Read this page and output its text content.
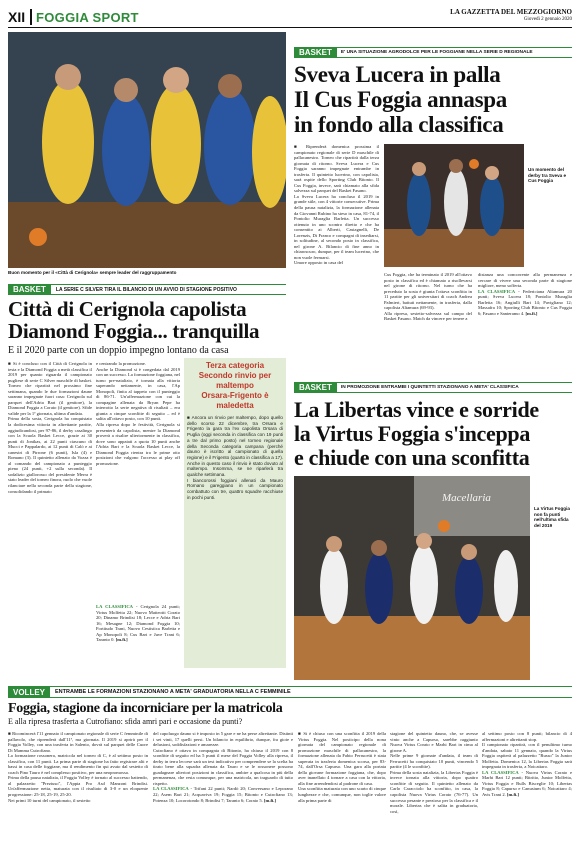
XII FOGGIA SPORT	LA GAZZETTA DEL MEZZOGIORNO
Giovedì 2 gennaio 2020
Buon momento per il «Città di Cerignola» sempre leader del raggruppamento
BASKET	LA SERIE C SILVER TIRA IL BILANCIO DI UN AVVIO DI STAGIONE POSITIVO
Città di Cerignola capolista
Diamond Foggia... tranquilla
E il 2020 parte con un doppio impegno lontano da casa
■ Si è concluso con il Città di Cerignola in testa e la Diamond Foggia a metà classifica il 2019 per quanto riguarda il campionato pugliese di serie C Silver maschile di basket. Torneo che ripartirà nel prossimo fine settimana, quando le due formazioni daune saranno impegnate fuori casa: Cerignola sul parquet dell'Adria Bari (il genitore), la Diamond Foggia a Corato (il genitore). Sfide valide per la 1ª giornata, ultima d'andata.
Prima della sosta, Cerignola ha conquistato la dodicesima vittoria in altrettante partite, aggiudicandosi, per 97-86, il derby casalingo con la Scuola Basket Lecce, grazie ai 30 punti di Jonikas, ai 22 punti ciascuno di Mucci e Pappalardo, ai 12 punti di Calò e ai canestri di Pirrone (6 punti), Isla (4) e Romano (3). Il quintetto allenato da Vozza è al comando del campionato a punteggio pieno (24 punti, +2 sulla seconda). Il sodalizio giallorosso del presidente Merra è stato leader del torneo finora, ruolo che vuole rilanciare nella seconda parte della stagione, consolidando il primato
e centrando la promozione.
Anche la Diamond si è congedata dal 2019 con un successo. La formazione foggiana, nel turno pre-natalizio, è tornata alla vittoria superando nettamente, in casa, l'Ap Monopoli, finita al tappeto con il punteggio di 86-71. Un'affermazione con cui la compagine allenata da Bryan Pepe ha interrotto la serie negativa di risultati – era giunta a cinque sconfitte di seguito – ed è salita all'ottavo posto, con 10 punti.
Alla ripresa dopo le festività, Cerignola si presenterà da capolista, mentre la Diamond proverà a risalire ulteriormente in classifica, dove sono appaiati a quota 10 punti anche l'Adria Bari e la Scuola Basket Lecce, la Diamond Foggia rientra tra le prime otto posizioni che valgono l'accesso ai play off promozione.
LA CLASSIFICA - Cerignola 24 punti; Virtus Molfetta 22; Nuovo Matteotti Corato 20; Dinamo Brindisi 18; Lecce e Adria Bari 16; Mesagne 12; Diamond Foggia 10; Fortitudo Trani, Nuovo Cestistica Barletta e Ap Monopoli 8; Cus Bari e Juve Trani 6; Taranto 0. [m.fi.]
Terza categoria
Secondo rinvio per maltempo
Orsara-Frigento è maledetta
■ Ancora un rinvio per maltempo, dopo quello dello scorso 22 dicembre, tra Orsara e Frigento la gara tra l'ex capolista Orsara di Puglia (oggi seconda in classifica con 19 punti a tre dal primo posto) nel torneo regionale della Seconda categoria campana (perché dauno è iscritto al campionato di quella regione) e il Frigento (quarto in classifica a 17). Anche in questo caso il rinvio è stato dovuto al maltempo. Insomma, se ne riparlerà tra qualche settimana.
I biancorossi foggiani allenati da Mauro Romano gareggiano in un campionato combattuto con tre, quattro squadre racchiuse in pochi punti.
BASKET	E' UNA SITUAZIONE AGRODOLCE PER LE FOGGIANE NELLA SERIE D REGIONALE
Sveva Lucera in palla
Il Cus Foggia annaspa
in fondo alla classifica
■ Riprenderà domenica prossima il campionato regionale di serie D maschile di pallacanestro. Torneo che ripartirà dalla terza giornata di ritorno. Sveva Lucera e Cus Foggia saranno impegnate entrambe in trasferta. Il quintetto lucerino, con capolista, sarà ospite dello Sporting Club Bitonto. Il Cus Foggia, invece, sarà chiamato alla sfida salvezza sul parquet del Basket Fasano.
La Sveva Lucera ha concluso il 2019 in grande stile, con 4 vittorie consecutive. Prima della pausa natalizia, la formazione allenata da Giovanni Rubino ha steso in casa, 81-74, il Pontolio Muraglia Barletta. Un successo ottenuto in uno scontro diretto e che ha consentito ai Alberti, Castagnelli, De Lorenzis, Di Franco e compagni di insediarsi, in solitudine, al secondo posto in classifica, nel girone A. Bilancio di fine anno in chiaroscuro, dunque, per il team lucerino, che non vuole fermarsi.
Umore opposto in casa del
Un momento del derby tra Sveva e Cus Foggia
Cus Foggia, che ha terminato il 2019 all'ottavo posto in classifica ed è chiamato a risollevarsi nel girone di ritorno. Nel turno che ha preceduto la sosta è giunta l'ottava sconfitta in 11 partite per gli universitari di coach Andrea Palmieri, battuti nettamente, in trasferta, dalla capolista Altamura (69-93).
Alla ripresa, sestetto-salvezza sul campo del Basket Fasano. Match da vincere per tenere a
distanza una concorrente alla permanenza e cercare di vivere una seconda parte di stagione migliore, meno sofferta.
LA CLASSIFICA - Federiciana Altamura 20 punti; Sveva Lucera 18; Pontolio Muraglia Barletta 16; Angiulli Bari 14; Pavigliano 12; Massafra 10; Sporting Club Bitonto e Cus Foggia 6; Fasano e Santeramo 4. [m.fi.]
BASKET	IN PROMOZIONE ENTRAMBI I QUINTETTI STAZIONANO A META' CLASSIFICA
La Libertas vince e sorride
la Virtus Foggia s'inceppa
e chiude con una sconfitta
Macellaria
La Virtus Foggia non fa punti nell'ultima sfida del 2019
VOLLEY	ENTRAMBE LE FORMAZIONI STAZIONANO A META' GRADUATORIA NELLA C FEMMINILE
Foggia, stagione da incorniciare per la matricola
E alla ripresa trasferta a Cutrofiano: sfida amri pari e occasione da punti?
■ Ricomincerà l'11 gennaio il campionato regionale di serie C femminile di pallavolo, che riprenderà dall'11ª, ma giornata. Il 2019 si aprirà per il Foggia Volley, con una trasferta in Salento, dovrà sul parquet delle Cuore Di Mamma Cutrofiano.
La formazione rossonera, matricola nel torneo di C, è al settimo posto in classifica, con 11 punti. La prima parte di stagione ha fatto registrare alti e bassi in casa delle foggiane, ma il rendimento fin qui avuto dal sestetto di coach Pino Tauro è nel complesso positivo, per una neopromossa.
Prima della pausa natalizia, il Foggia Volley è tornato al successo battendo, al palazzetto "Preziuso", l'Appia Pro Asd Manzoni Brindisi. Un'affermazione netta, maturata con il risultato di 3-0 e un eloquente progressione: 25-18, 25-19, 25-20.
Nei primi 10 turni del campionato, il sestetto
del capoluogo dauno si è imposto in 5 gare e ne ha perse altrettante. Distinti i set vinti, 17 quelli persi. Un bilancio in equilibrio, dunque, fra gioie e delusioni, soddisfazioni e amarezze.
Cutrofiano è ottava in compagnia di Bitonto, ha chiuso il 2019 con 8 sconfitte di seguito ed ha 5 punti il mese del Foggia Volley alla ripresa, il derby in terra leccese sarà un test indicativo per comprendere se la scelta ha tirato bene alla squadra allenata da Tauro e se le rossonere possono guadagnare ulteriori posizioni in classifica, ambire a qualcosa in più della permanenza, che resta comunque, per una matricola, un traguardo di tutto rispetto.
LA CLASSIFICA - Trifani 22 punti; Nardò 20; Conversano e Leporano 22; Asem Bari 21; Acquaviva 19; Foggia 15; Bitonto e Cutrofiano 13; Potenza 10; Locorotondo 8; Brindisi 7; Taranto 6; Corato 5. [m.fi.]
■ Si è chiuso con una sconfitta il 2019 della Virtus Foggia. Nel posticipo della nona giornata del campionato regionale di promozione maschile di pallacanestro, la formazione allenata da Fabio Ferrucetti è stata superata in trasferta domenica scorsa, per 83-74, dall'Orsa Capurso. Una gara alla portata della giovane formazione foggiana, che, dopo aver inanellato 4 tornare a casa con la vittoria, alla fine arrendendosi al padrone di casa.
Una sconfitta maturata con uno scarto di cinque lunghezze e che, comunque, non toglie valore alla prima parte di
stagione del quintetto dauno, che, se avesse vinto anche a Capurso, sarebbe raggiunto Nuova Virtus Corato e Marhi Bari in cima al girone A.
Nelle prime 9 giornate d'andata, il team di Ferrucetti ha conquistato 10 punti, vincendo 5 partite (4 le sconfitte).
Prima della sosta natalizia, la Libertas Foggia è invece tornata alla vittoria, dopo quattro sconfitte di seguito. Il quintetto allenato da Carlo Caracciolo ha sconfitto, in casa, la capolista Nuova Virtus Corato (76-77). Un successo pesante e prezioso per la classifica e il morale. Libertas che è salita in graduatoria, così,
al settimo posto con 8 punti; bilancio di 4 affermazioni e altrettanti stop.
Il campionato ripartirà, con il penultimo turno d'andata, sabato 11 gennaio, quando la Virtus Foggia ospiterà al palazzetto "Russo" la Junior Molfetta. Domenica 12, la Libertas Foggia sarà impegnata in trasferta, a Noicattaro.
LA CLASSIFICA - Nuova Virtus Corato e Marhi Bari 12 punti; Bitritto, Junior Molfetta, Virtus Foggia e Bulls Bisceglie 10; Libertas Foggia 8; Capurso e Canusium 6; Noicattaro 4; Avis Trani 2. [m.fi.]
